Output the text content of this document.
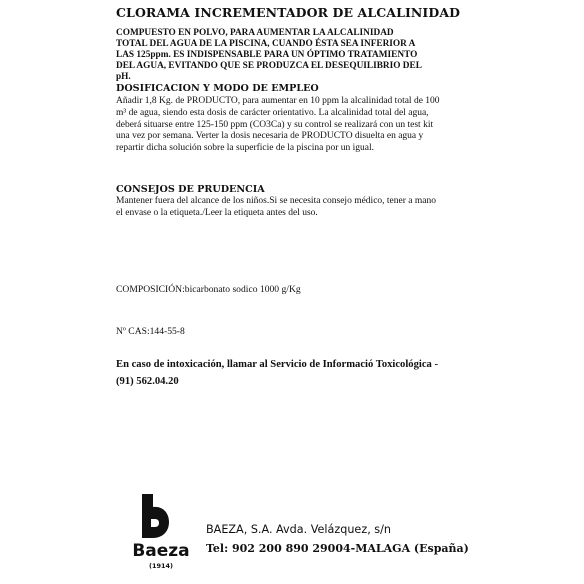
CLORAMA INCREMENTADOR DE ALCALINIDAD
COMPUESTO EN POLVO, PARA AUMENTAR LA ALCALINIDAD TOTAL DEL AGUA DE LA PISCINA, CUANDO ÉSTA SEA INFERIOR A LAS 125ppm. ES INDISPENSABLE PARA UN ÓPTIMO TRATAMIENTO DEL AGUA, EVITANDO QUE SE PRODUZCA EL DESEQUILIBRIO DEL pH.
DOSIFICACION Y MODO DE EMPLEO
Añadir 1,8 Kg. de PRODUCTO, para aumentar en 10 ppm la alcalinidad total de 100 m³ de agua, siendo esta dosis de carácter orientativo. La alcalinidad total del agua, deberá situarse entre 125-150 ppm (CO3Ca) y su control se realizará con un test kit una vez por semana. Verter la dosis necesaria de PRODUCTO disuelta en agua y repartir dicha solución sobre la superficie de la piscina por un igual.
CONSEJOS DE PRUDENCIA
Mantener fuera del alcance de los niños.Si se necesita consejo médico, tener a mano el envase o la etiqueta./Leer la etiqueta antes del uso.
COMPOSICIÓN:bicarbonato sodico 1000 g/Kg
Nº CAS:144-55-8
En caso de intoxicación, llamar al Servicio de Informació Toxicológica - (91) 562.04.20
Baeza
(1914)
BAEZA, S.A. Avda. Velázquez, s/n
Tel: 902 200 890 29004-MALAGA (España)
